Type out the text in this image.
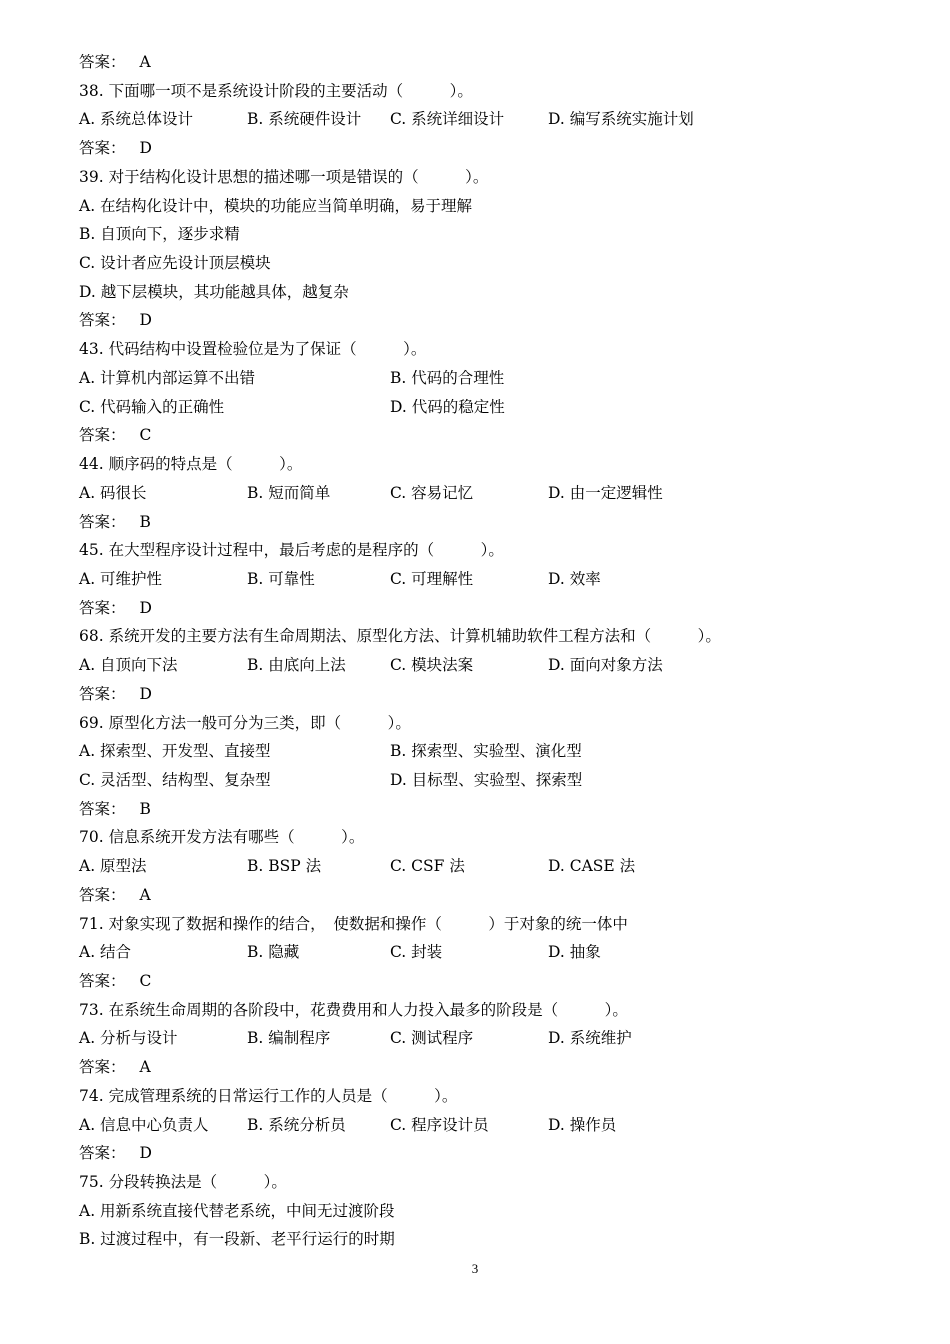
答案： A
38. 下面哪一项不是系统设计阶段的主要活动（　　　）。
A. 系统总体设计	B. 系统硬件设计 C. 系统详细设计	D. 编写系统实施计划
答案： D
39. 对于结构化设计思想的描述哪一项是错误的（　　　）。
A. 在结构化设计中，模块的功能应当简单明确，易于理解
B. 自顶向下，逐步求精
C. 设计者应先设计顶层模块
D. 越下层模块，其功能越具体，越复杂
答案： D
43. 代码结构中设置检验位是为了保证（　　　）。
A. 计算机内部运算不出错	B. 代码的合理性
C. 代码输入的正确性	D. 代码的稳定性
答案： C
44. 顺序码的特点是（　　　）。
A. 码很长	B. 短而简单	C. 容易记忆	D. 由一定逻辑性
答案： B
45. 在大型程序设计过程中，最后考虑的是程序的（　　　）。
A. 可维护性	B. 可靠性	C. 可理解性	D. 效率
答案： D
68. 系统开发的主要方法有生命周期法、原型化方法、计算机辅助软件工程方法和（　　　）。
A. 自顶向下法	B. 由底向上法	C. 模块法案	D. 面向对象方法
答案： D
69. 原型化方法一般可分为三类，即（　　　）。
A. 探索型、开发型、直接型	B. 探索型、实验型、演化型
C. 灵活型、结构型、复杂型	D. 目标型、实验型、探索型
答案： B
70. 信息系统开发方法有哪些（　　　）。
A. 原型法	B. BSP 法	C. CSF 法	D. CASE 法
答案： A
71. 对象实现了数据和操作的结合，　使数据和操作（　　　）于对象的统一体中
A. 结合	B. 隐藏	C. 封装	D. 抽象
答案： C
73. 在系统生命周期的各阶段中，花费费用和人力投入最多的阶段是（　　　）。
A. 分析与设计	B. 编制程序	C. 测试程序	D. 系统维护
答案： A
74. 完成管理系统的日常运行工作的人员是（　　　）。
A. 信息中心负责人 B. 系统分析员	C. 程序设计员	D. 操作员
答案： D
75. 分段转换法是（　　　）。
A. 用新系统直接代替老系统，中间无过渡阶段
B. 过渡过程中，有一段新、老平行运行的时期
3
